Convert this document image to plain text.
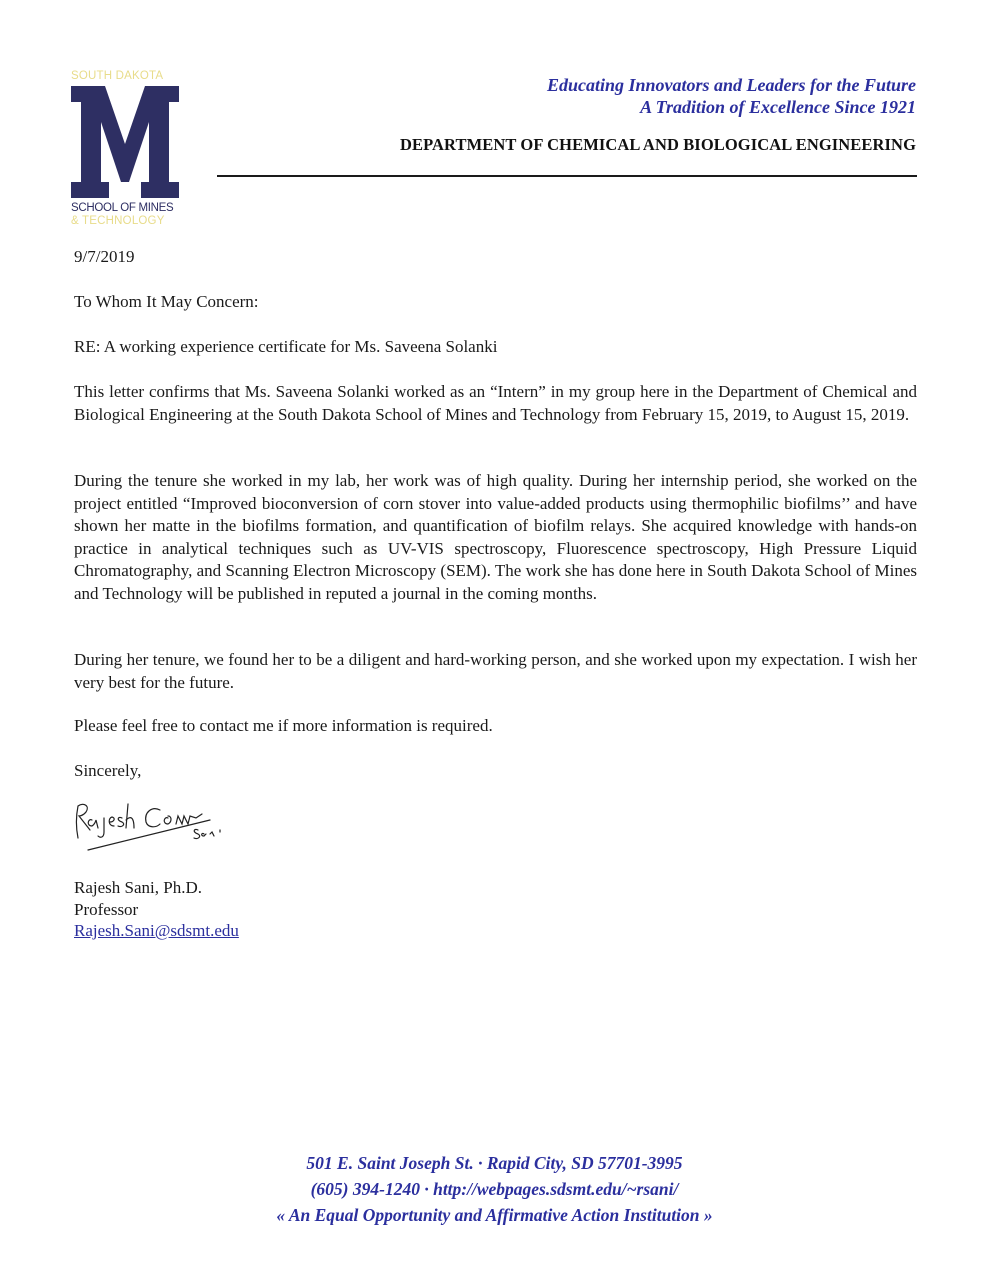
SOUTH DAKOTA
SCHOOL OF MINES
& TECHNOLOGY
Educating Innovators and Leaders for the Future
A Tradition of Excellence Since 1921
DEPARTMENT OF CHEMICAL AND BIOLOGICAL ENGINEERING
9/7/2019
To Whom It May Concern:
RE: A working experience certificate for Ms. Saveena Solanki

This letter confirms that Ms. Saveena Solanki worked as an “Intern” in my group here in the Department of Chemical and Biological Engineering at the South Dakota School of Mines and Technology from February 15, 2019, to August 15, 2019.

During the tenure she worked in my lab, her work was of high quality. During her internship period, she worked on the project entitled “Improved bioconversion of corn stover into value-added products using thermophilic biofilms’’ and have shown her matte in the biofilms formation, and quantification of biofilm relays. She acquired knowledge with hands-on practice in analytical techniques such as UV-VIS spectroscopy, Fluorescence spectroscopy, High Pressure Liquid Chromatography, and Scanning Electron Microscopy (SEM). The work she has done here in South Dakota School of Mines and Technology will be published in reputed a journal in the coming months.

During her tenure, we found her to be a diligent and hard-working person, and she worked upon my expectation. I wish her very best for the future.

Please feel free to contact me if more information is required.

Sincerely,
Rajesh Sani, Ph.D.
Professor
Rajesh.Sani@sdsmt.edu
501 E. Saint Joseph St. · Rapid City, SD 57701-3995
(605) 394-1240 · http://webpages.sdsmt.edu/~rsani/
« An Equal Opportunity and Affirmative Action Institution »
